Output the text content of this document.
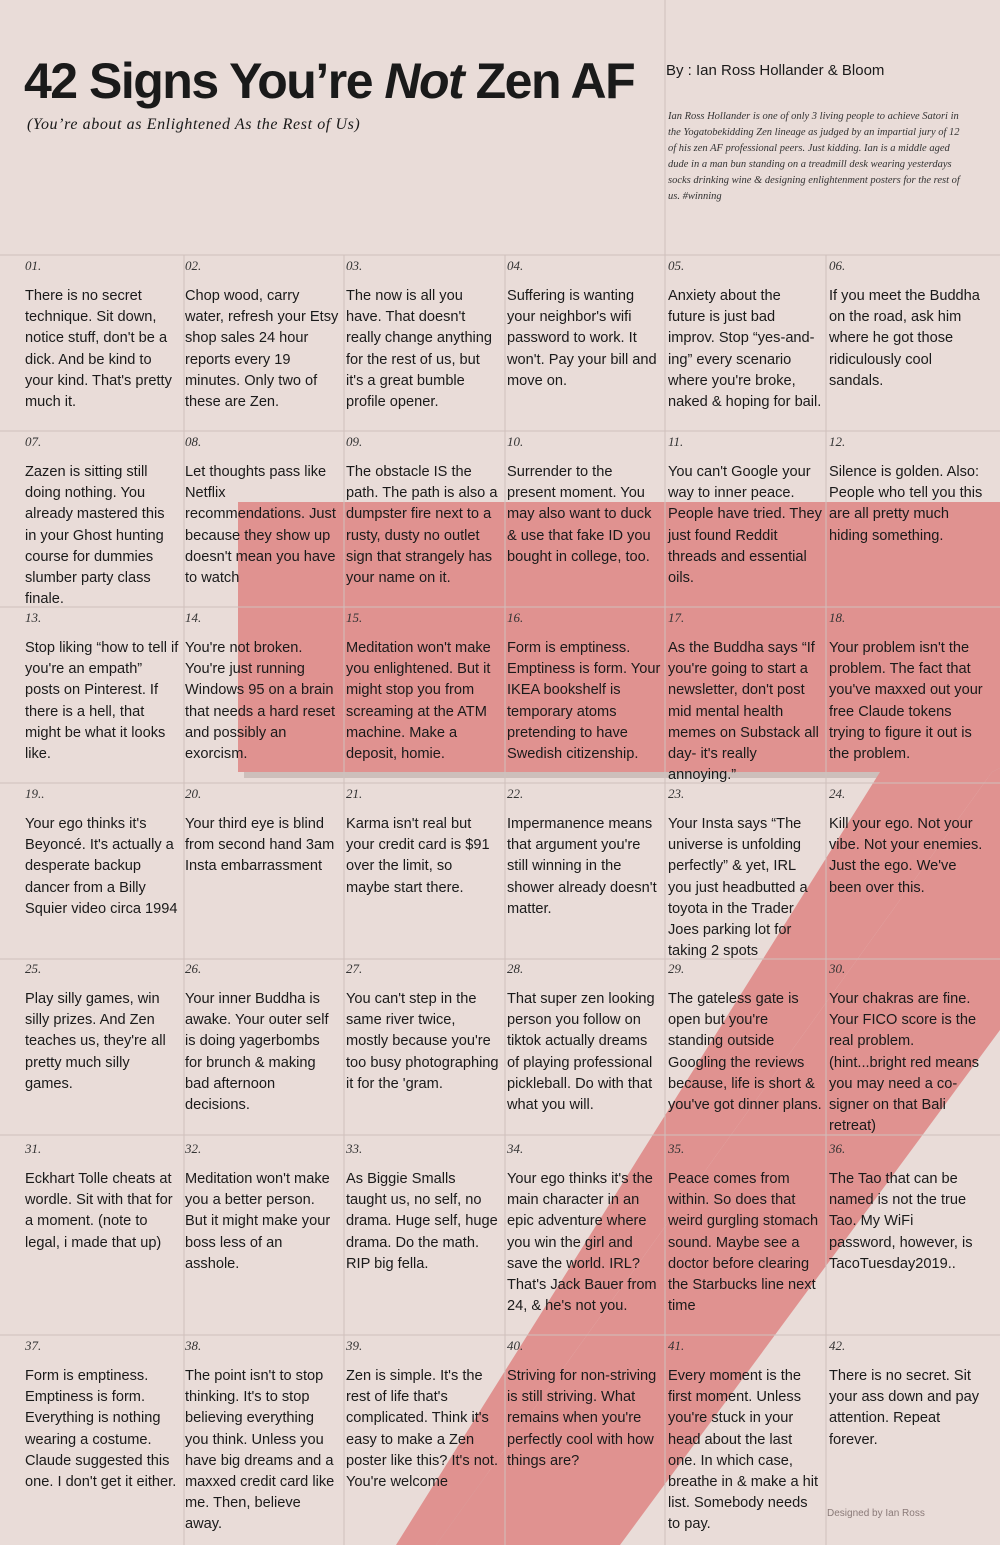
42 Signs You’re Not Zen AF
(You’re about as Enlightened As the Rest of Us)
By : Ian Ross Hollander & Bloom
Ian Ross Hollander is one of only 3 living people to achieve Satori in the Yogatobekidding Zen lineage as judged by an impartial jury of 12 of his zen AF professional peers. Just kidding. Ian is a middle aged dude in a man bun standing on a treadmill desk wearing yesterdays socks drinking wine & designing enlightenment posters for the rest of us. #winning
01.
There is no secret technique. Sit down, notice stuff, don't be a dick. And be kind to your kind. That's pretty much it.
02.
Chop wood, carry water, refresh your Etsy shop sales 24 hour reports every 19 minutes. Only two of these are Zen.
03.
The now is all you have. That doesn't really change anything for the rest of us, but it's a great bumble profile opener.
04.
Suffering is wanting your neighbor's wifi password to work. It won't. Pay your bill and move on.
05.
Anxiety about the future is just bad improv. Stop “yes-and-ing” every scenario where you're broke, naked & hoping for bail.
06.
If you meet the Buddha on the road, ask him where he got those ridiculously cool sandals.
07.
Zazen is sitting still doing nothing. You already mastered this in your Ghost hunting course for dummies slumber party class finale.
08.
Let thoughts pass like Netflix recommendations. Just because they show up doesn't mean you have to watch
09.
The obstacle IS the path. The path is also a dumpster fire next to a rusty, dusty no outlet sign that strangely has your name on it.
10.
Surrender to the present moment. You may also want to duck & use that fake ID you bought in college, too.
11.
You can't Google your way to inner peace. People have tried. They just found Reddit threads and essential oils.
12.
Silence is golden. Also: People who tell you this are all pretty much hiding something.
13.
Stop liking “how to tell if you're an empath” posts on Pinterest. If there is a hell, that might be what it looks like.
14.
You're not broken. You're just running Windows 95 on a brain that needs a hard reset and possibly an exorcism.
15.
Meditation won't make you enlightened. But it might stop you from screaming at the ATM machine. Make a deposit, homie.
16.
Form is emptiness. Emptiness is form. Your IKEA bookshelf is temporary atoms pretending to have Swedish citizenship.
17.
As the Buddha says “If you're going to start a newsletter, don't post mid mental health memes on Substack all day- it's really annoying.”
18.
Your problem isn't the problem. The fact that you've maxxed out your free Claude tokens trying to figure it out is the problem.
19..
Your ego thinks it's Beyoncé. It's actually a desperate backup dancer from a Billy Squier video circa 1994
20.
Your third eye is blind from second hand 3am Insta embarrassment
21.
Karma isn't real but your credit card is $91 over the limit, so maybe start there.
22.
Impermanence means that argument you're still winning in the shower already doesn't matter.
23.
Your Insta says “The universe is unfolding perfectly” & yet, IRL you just headbutted a toyota in the Trader Joes parking lot for taking 2 spots
24.
Kill your ego. Not your vibe. Not your enemies. Just the ego. We've been over this.
25.
Play silly games, win silly prizes. And Zen teaches us, they're all pretty much silly games.
26.
Your inner Buddha is awake. Your outer self is doing yagerbombs for brunch & making bad afternoon decisions.
27.
You can't step in the same river twice, mostly because you're too busy photographing it for the 'gram.
28.
That super zen looking person you follow on tiktok actually dreams of playing professional pickleball. Do with that what you will.
29.
The gateless gate is open but you're standing outside Googling the reviews because, life is short & you've got dinner plans.
30.
Your chakras are fine. Your FICO score is the real problem. (hint...bright red means you may need a co-signer on that Bali retreat)
31.
Eckhart Tolle cheats at wordle. Sit with that for a moment. (note to legal, i made that up)
32.
Meditation won't make you a better person. But it might make your boss less of an asshole.
33.
As Biggie Smalls taught us, no self, no drama. Huge self, huge drama. Do the math. RIP big fella.
34.
Your ego thinks it's the main character in an epic adventure where you win the girl and save the world. IRL? That's Jack Bauer from 24, & he's not you.
35.
Peace comes from within. So does that weird gurgling stomach sound. Maybe see a doctor before clearing the Starbucks line next time
36.
The Tao that can be named is not the true Tao. My WiFi password, however, is TacoTuesday2019..
37.
Form is emptiness. Emptiness is form. Everything is nothing wearing a costume. Claude suggested this one. I don't get it either.
38.
The point isn't to stop thinking. It's to stop believing everything you think. Unless you have big dreams and a maxxed credit card like me. Then, believe away.
39.
Zen is simple. It's the rest of life that's complicated. Think it's easy to make a Zen poster like this? It's not. You're welcome
40.
Striving for non-striving is still striving. What remains when you're perfectly cool with how things are?
41.
Every moment is the first moment. Unless you're stuck in your head about the last one. In which case, breathe in & make a hit list. Somebody needs to pay.
42.
There is no secret. Sit your ass down and pay attention. Repeat forever.
Designed by Ian Ross
